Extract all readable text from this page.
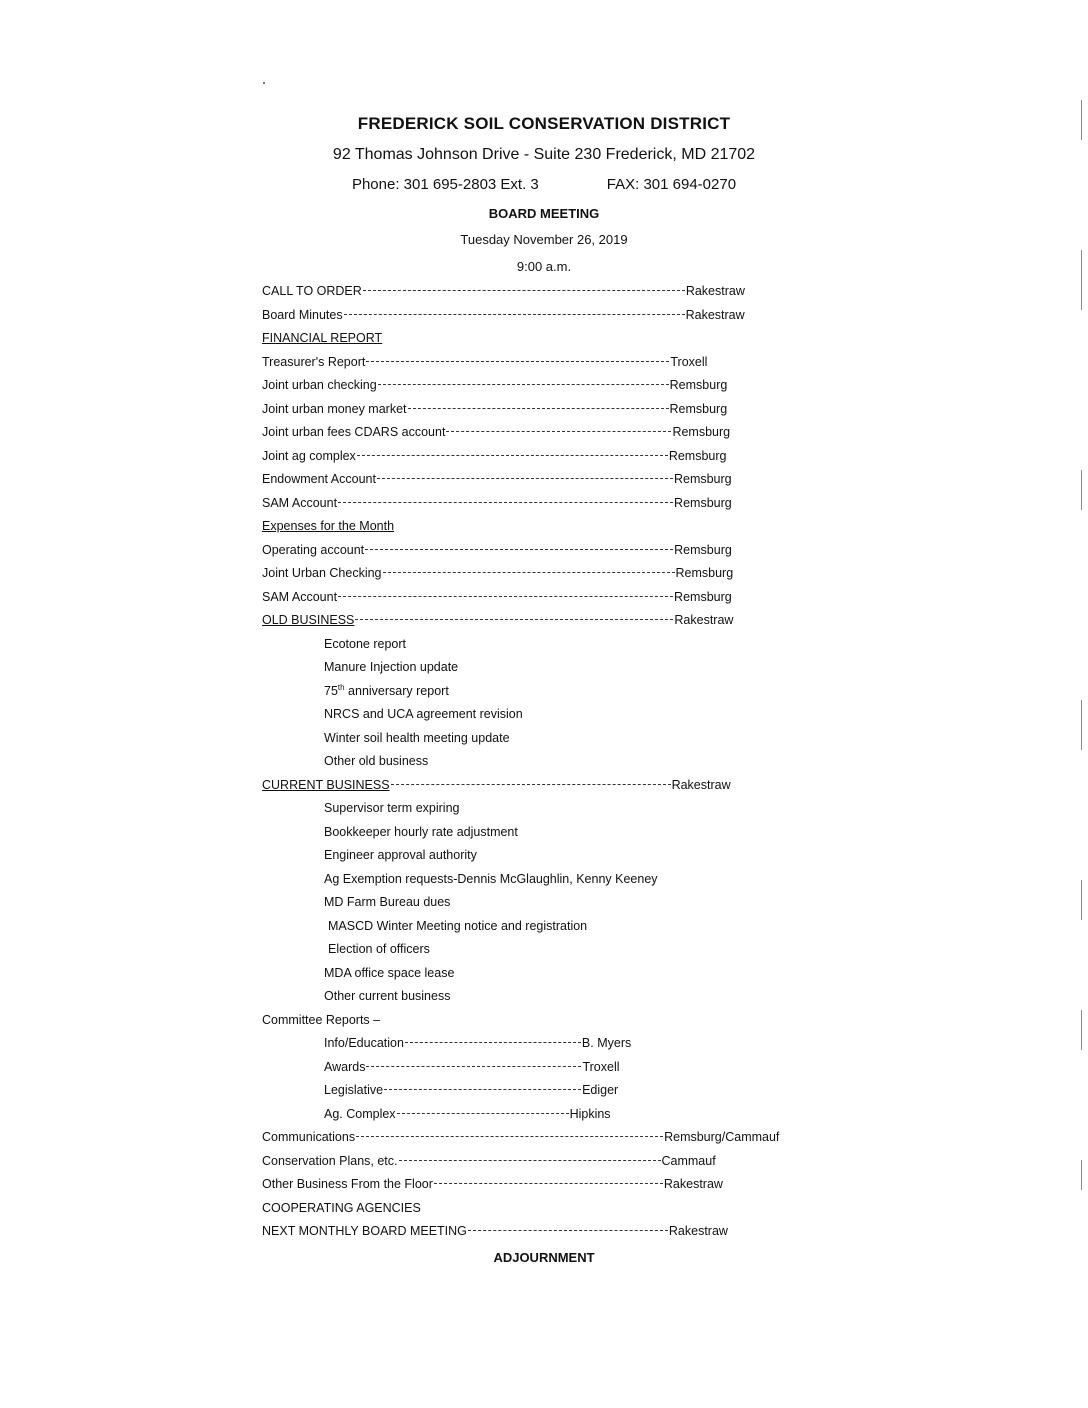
FREDERICK SOIL CONSERVATION DISTRICT
92 Thomas Johnson Drive - Suite 230 Frederick, MD 21702
Phone: 301 695-2803 Ext. 3	FAX: 301 694-0270
BOARD MEETING
Tuesday November 26, 2019
9:00 a.m.
CALL TO ORDER	Rakestraw
Board Minutes	Rakestraw
FINANCIAL REPORT
Treasurer's Report	Troxell
Joint urban checking	Remsburg
Joint urban money market	Remsburg
Joint urban fees CDARS account	Remsburg
Joint ag complex	Remsburg
Endowment Account	Remsburg
SAM Account	Remsburg
Expenses for the Month
Operating account	Remsburg
Joint Urban Checking	Remsburg
SAM Account	Remsburg
OLD BUSINESS	Rakestraw
Ecotone report
Manure Injection update
75th anniversary report
NRCS and UCA agreement revision
Winter soil health meeting update
Other old business
CURRENT BUSINESS	Rakestraw
Supervisor term expiring
Bookkeeper hourly rate adjustment
Engineer approval authority
Ag Exemption requests-Dennis McGlaughlin, Kenny Keeney
MD Farm Bureau dues
MASCD Winter Meeting notice and registration
Election of officers
MDA office space lease
Other current business
Committee Reports –
Info/Education	B. Myers
Awards	Troxell
Legislative	Ediger
Ag. Complex	Hipkins
Communications	Remsburg/Cammauf
Conservation Plans, etc.	Cammauf
Other Business From the Floor	Rakestraw
COOPERATING AGENCIES
NEXT MONTHLY BOARD MEETING	Rakestraw
ADJOURNMENT
